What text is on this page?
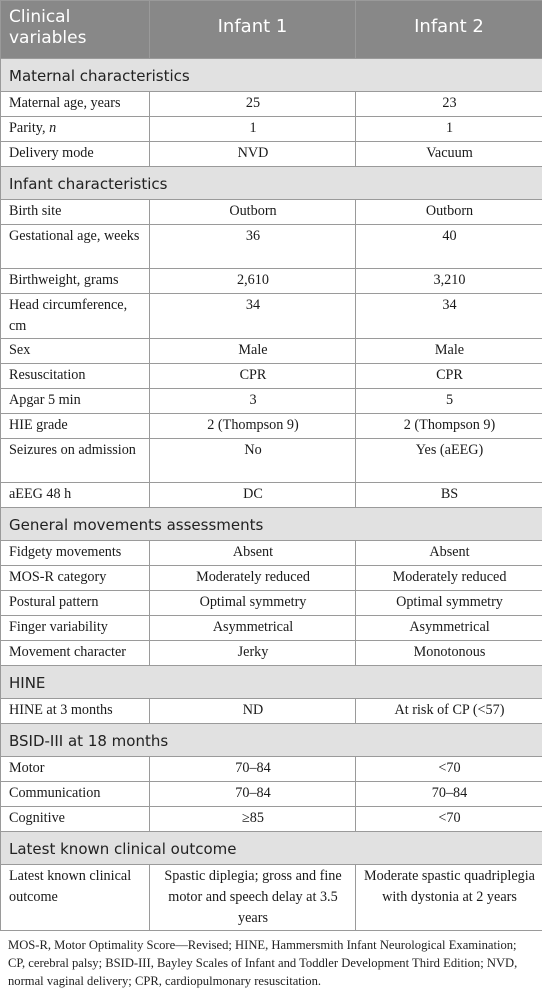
Clinical variables	Infant 1	Infant 2
Maternal characteristics		
Maternal age, years	25	23
Parity, n	1	1
Delivery mode	NVD	Vacuum
Infant characteristics		
Birth site	Outborn	Outborn
Gestational age, weeks	36	40
Birthweight, grams	2,610	3,210
Head circumference, cm	34	34
Sex	Male	Male
Resuscitation	CPR	CPR
Apgar 5 min	3	5
HIE grade	2 (Thompson 9)	2 (Thompson 9)
Seizures on admission	No	Yes (aEEG)
aEEG 48 h	DC	BS
General movements assessments		
Fidgety movements	Absent	Absent
MOS-R category	Moderately reduced	Moderately reduced
Postural pattern	Optimal symmetry	Optimal symmetry
Finger variability	Asymmetrical	Asymmetrical
Movement character	Jerky	Monotonous
HINE		
HINE at 3 months	ND	At risk of CP (<57)
BSID-III at 18 months		
Motor	70–84	<70
Communication	70–84	70–84
Cognitive	≥85	<70
Latest known clinical outcome		
Latest known clinical outcome	Spastic diplegia; gross and fine motor and speech delay at 3.5 years	Moderate spastic quadriplegia with dystonia at 2 years
MOS-R, Motor Optimality Score—Revised; HINE, Hammersmith Infant Neurological Examination; CP, cerebral palsy; BSID-III, Bayley Scales of Infant and Toddler Development Third Edition; NVD, normal vaginal delivery; CPR, cardiopulmonary resuscitation.
